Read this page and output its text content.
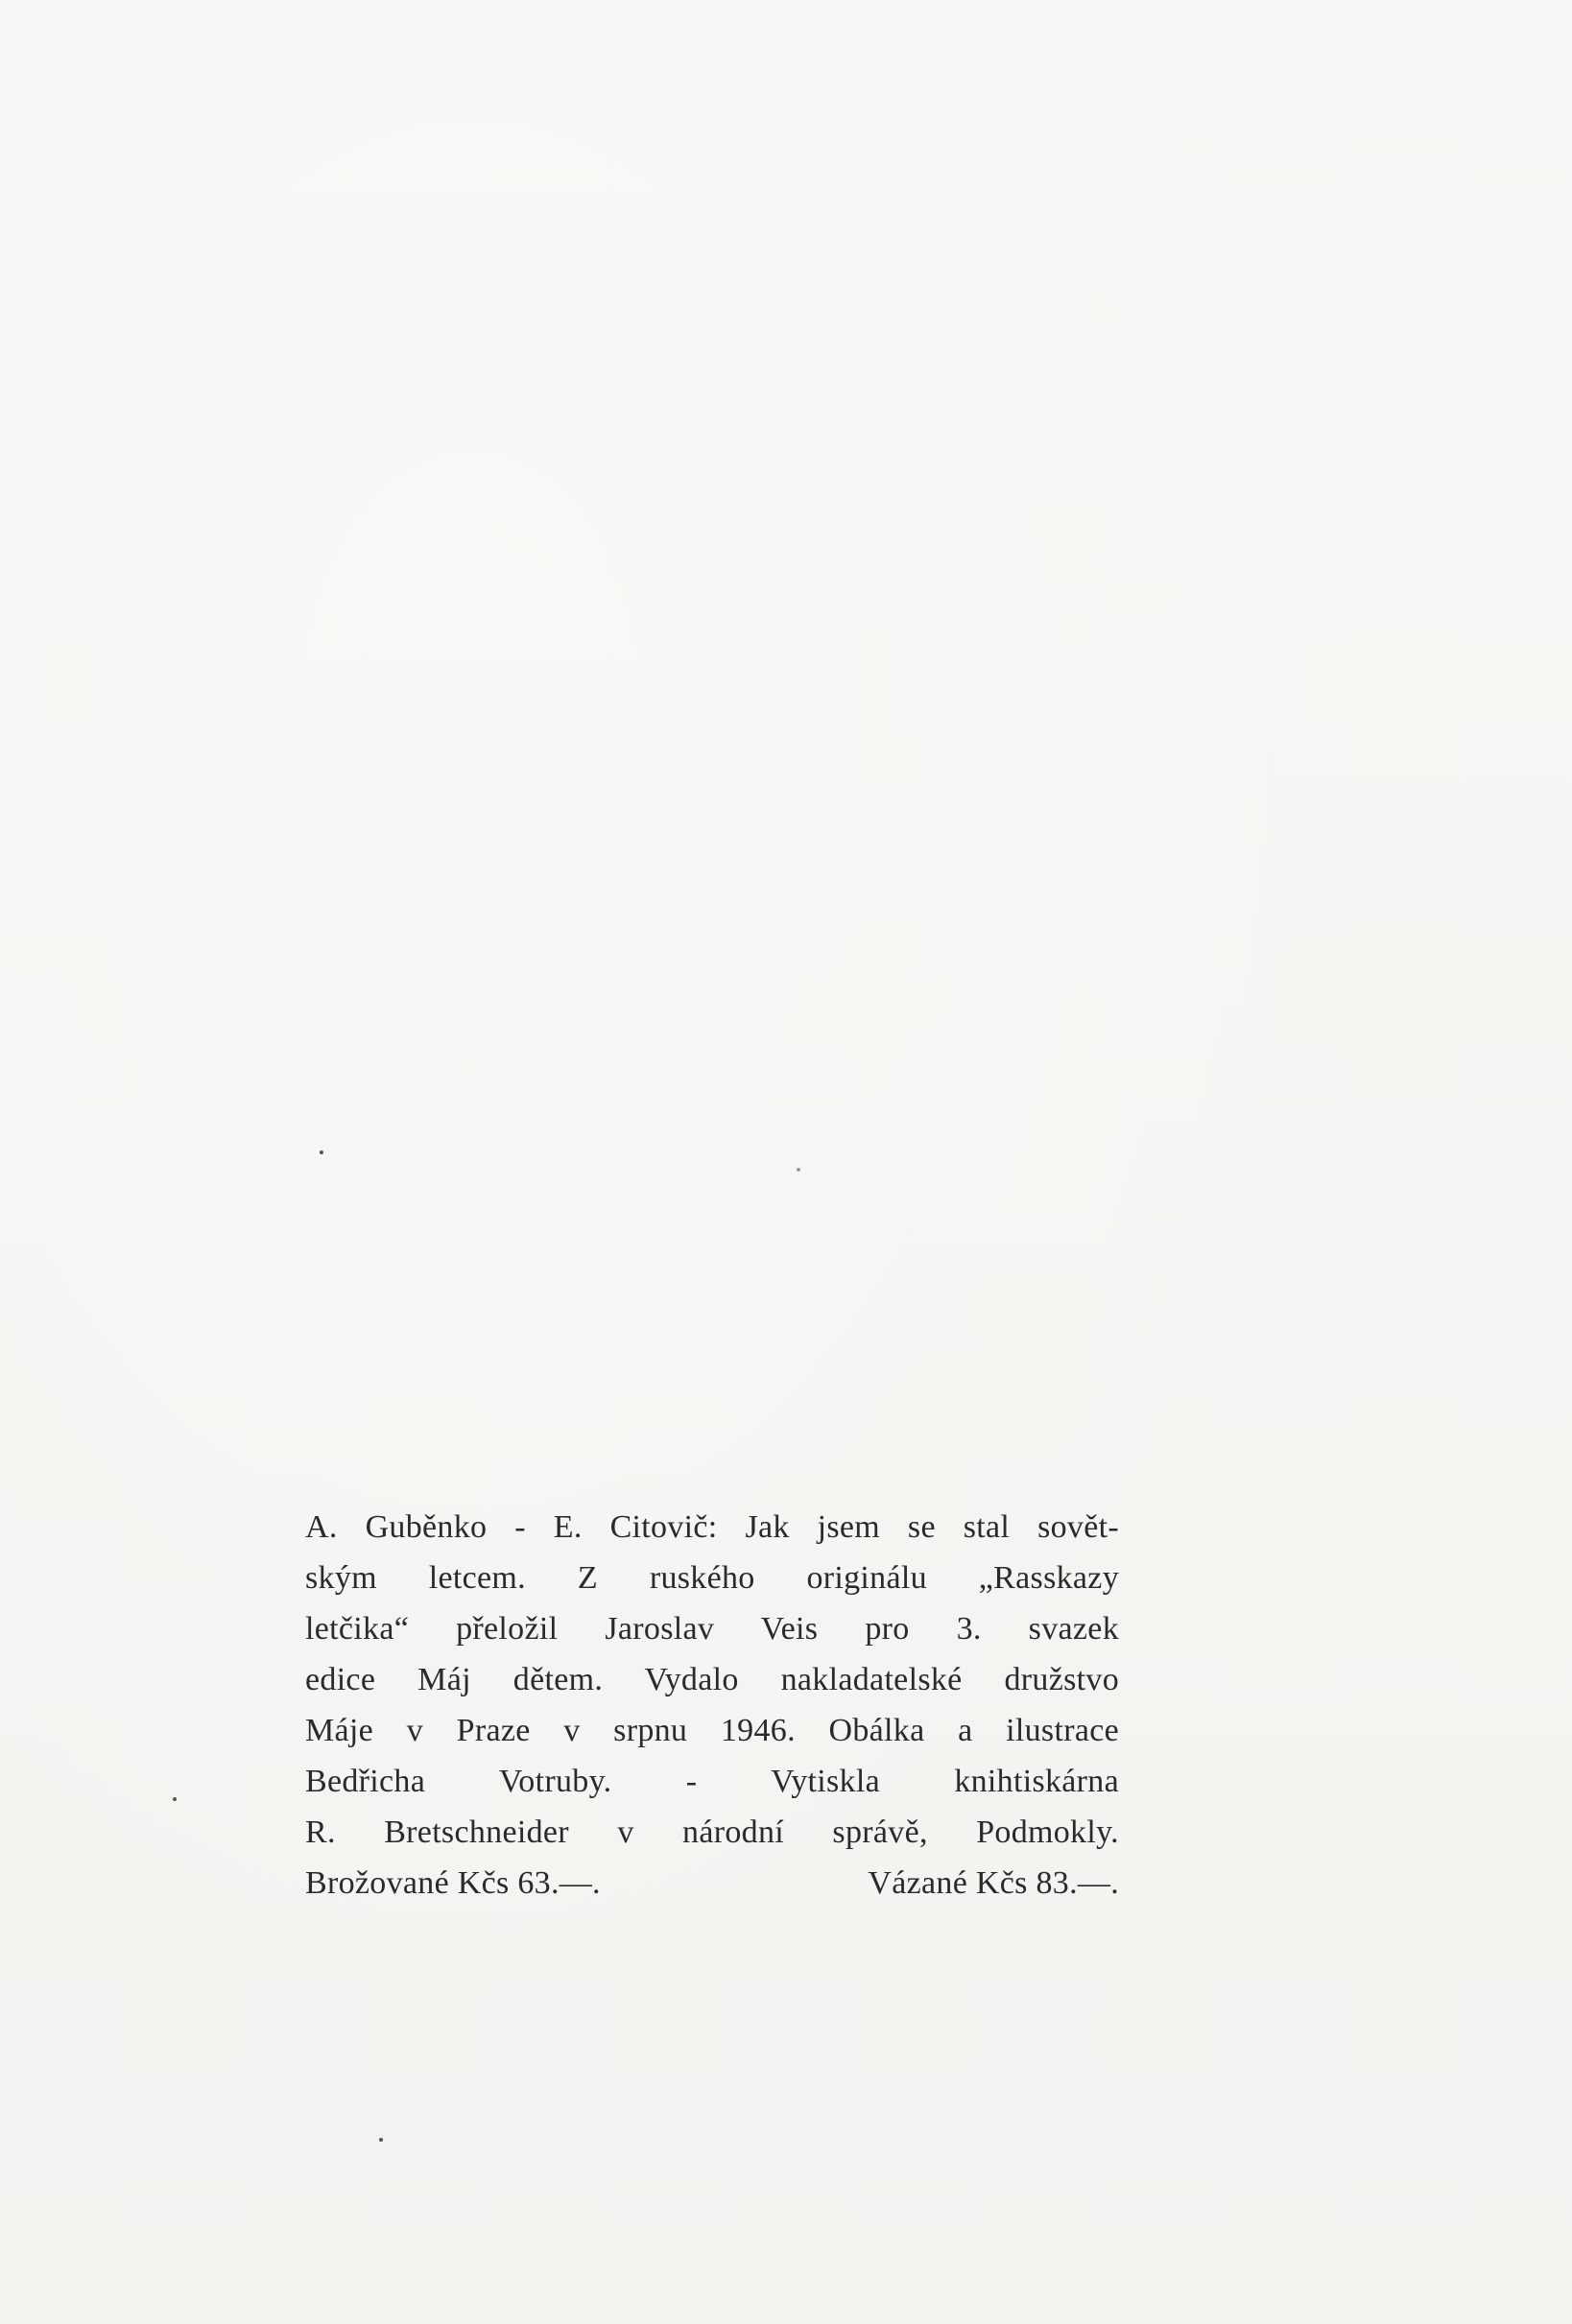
A. Guběnko - E. Citovič: Jak jsem se stal sovět-
ským letcem. Z ruského originálu „Rasskazy
letčika“ přeložil Jaroslav Veis pro 3. svazek
edice Máj dětem. Vydalo nakladatelské družstvo
Máje v Praze v srpnu 1946. Obálka a ilustrace
Bedřicha Votruby. - Vytiskla knihtiskárna
R. Bretschneider v národní správě, Podmokly.
Brožované Kčs 63.—.	Vázané Kčs 83.—.
